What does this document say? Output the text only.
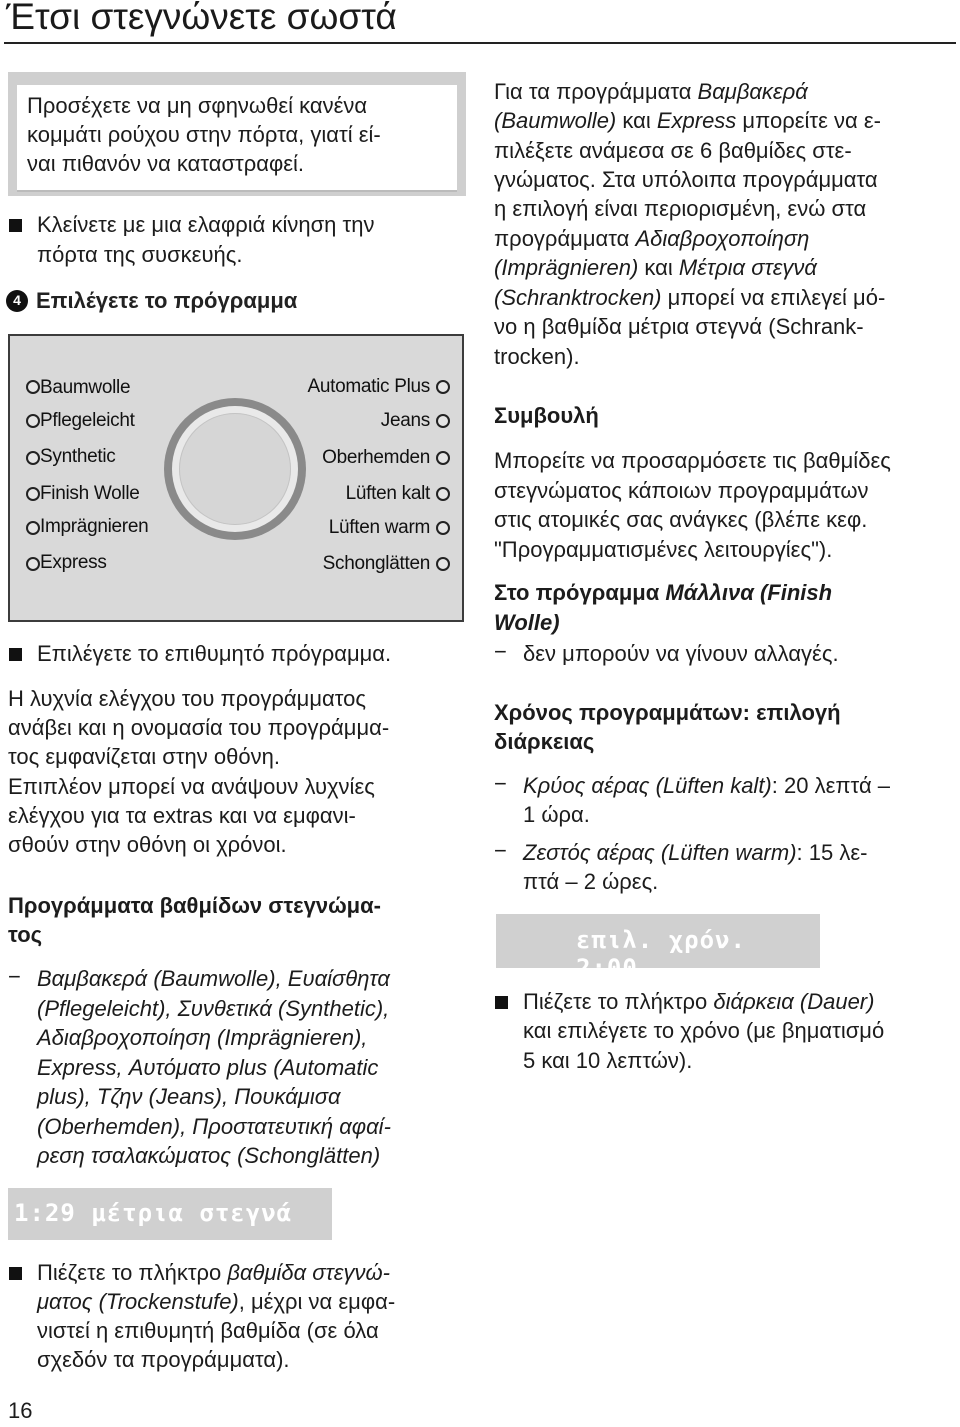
Έτσι στεγνώνετε σωστά
Προσέχετε να μη σφηνωθεί κανένα
κομμάτι ρούχου στην πόρτα, γιατί εί-
ναι πιθανόν να καταστραφεί.
Κλείνετε με μια ελαφριά κίνηση την
πόρτα της συσκευής.
4 Επιλέγετε το πρόγραμμα
Baumwolle
Pflegeleicht
Synthetic
Finish Wolle
Imprägnieren
Express
Automatic Plus
Jeans
Oberhemden
Lüften kalt
Lüften warm
Schonglätten
Επιλέγετε το επιθυμητό πρόγραμμα.
Η λυχνία ελέγχου του προγράμματος
ανάβει και η ονομασία του προγράμμα-
τος εμφανίζεται στην οθόνη.
Επιπλέον μπορεί να ανάψουν λυχνίες
ελέγχου για τα extras και να εμφανι-
σθούν στην οθόνη οι χρόνοι.
Προγράμματα βαθμίδων στεγνώμα-
τος
− Βαμβακερά (Baumwolle), Ευαίσθητα
(Pflegeleicht), Συνθετικά (Synthetic),
Αδιαβροχοποίηση (Imprägnieren),
Express, Αυτόματο plus (Automatic
plus), Τζην (Jeans), Πουκάμισα
(Oberhemden), Προστατευτική αφαί-
ρεση τσαλακώματος (Schonglätten)
1:29 μέτρια στεγνά
Πιέζετε το πλήκτρο βαθμίδα στεγνώ-
ματος (Trockenstufe), μέχρι να εμφα-
νιστεί η επιθυμητή βαθμίδα (σε όλα
σχεδόν τα προγράμματα).
16
Για τα προγράμματα Βαμβακερά
(Baumwolle) και Express μπορείτε να ε-
πιλέξετε ανάμεσα σε 6 βαθμίδες στε-
γνώματος. Στα υπόλοιπα προγράμματα
η επιλογή είναι περιορισμένη, ενώ στα
προγράμματα Αδιαβροχοποίηση
(Imprägnieren) και Μέτρια στεγνά
(Schranktrocken) μπορεί να επιλεγεί μό-
νο η βαθμίδα μέτρια στεγνά (Schrank-
trocken).
Συμβουλή
Μπορείτε να προσαρμόσετε τις βαθμίδες
στεγνώματος κάποιων προγραμμάτων
στις ατομικές σας ανάγκες (βλέπε κεφ.
"Προγραμματισμένες λειτουργίες").
Στο πρόγραμμα Μάλλινα (Finish
Wolle)
− δεν μπορούν να γίνουν αλλαγές.
Χρόνος προγραμμάτων: επιλογή
διάρκειας
− Κρύος αέρας (Lüften kalt): 20 λεπτά –
1 ώρα.
− Ζεστός αέρας (Lüften warm): 15 λε-
πτά – 2 ώρες.
επιλ. χρόν. 2:00
Πιέζετε το πλήκτρο διάρκεια (Dauer)
και επιλέγετε το χρόνο (με βηματισμό
5 και 10 λεπτών).
